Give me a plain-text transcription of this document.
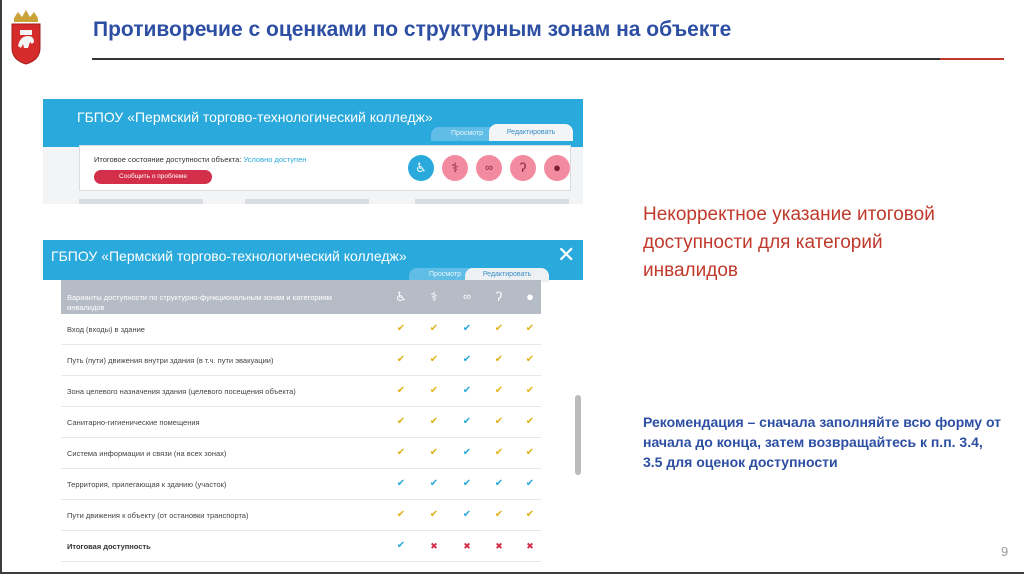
Противоречие с оценками по структурным зонам на объекте
ГБПОУ «Пермский торгово-технологический колледж»
Просмотр	Редактировать
Итоговое состояние доступности объекта: Условно доступен
Сообщить о проблеме
♿	⚕	∞	ʔ	●
ГБПОУ «Пермский торгово-технологический колледж»	✕
Просмотр	Редактировать
Варианты доступности по структурно-функциональным зонам и категориям инвалидов
♿	⚕	∞	ʔ	●
Вход (входы) в здание	✔ ✔ ✔ ✔ ✔
Путь (пути) движения внутри здания (в т.ч. пути эвакуации)	✔ ✔ ✔ ✔ ✔
Зона целевого назначения здания (целевого посещения объекта)	✔ ✔ ✔ ✔ ✔
Санитарно-гигиенические помещения	✔ ✔ ✔ ✔ ✔
Система информации и связи (на всех зонах)	✔ ✔ ✔ ✔ ✔
Территория, прилегающая к зданию (участок)	✔ ✔ ✔ ✔ ✔
Пути движения к объекту (от остановки транспорта)	✔ ✔ ✔ ✔ ✔
Итоговая доступность	✔	✖	✖	✖	✖
Некорректное указание итоговой доступности для категорий инвалидов
Рекомендация – сначала заполняйте всю форму от начала до конца, затем возвращайтесь к п.п. 3.4, 3.5 для оценок доступности
9
